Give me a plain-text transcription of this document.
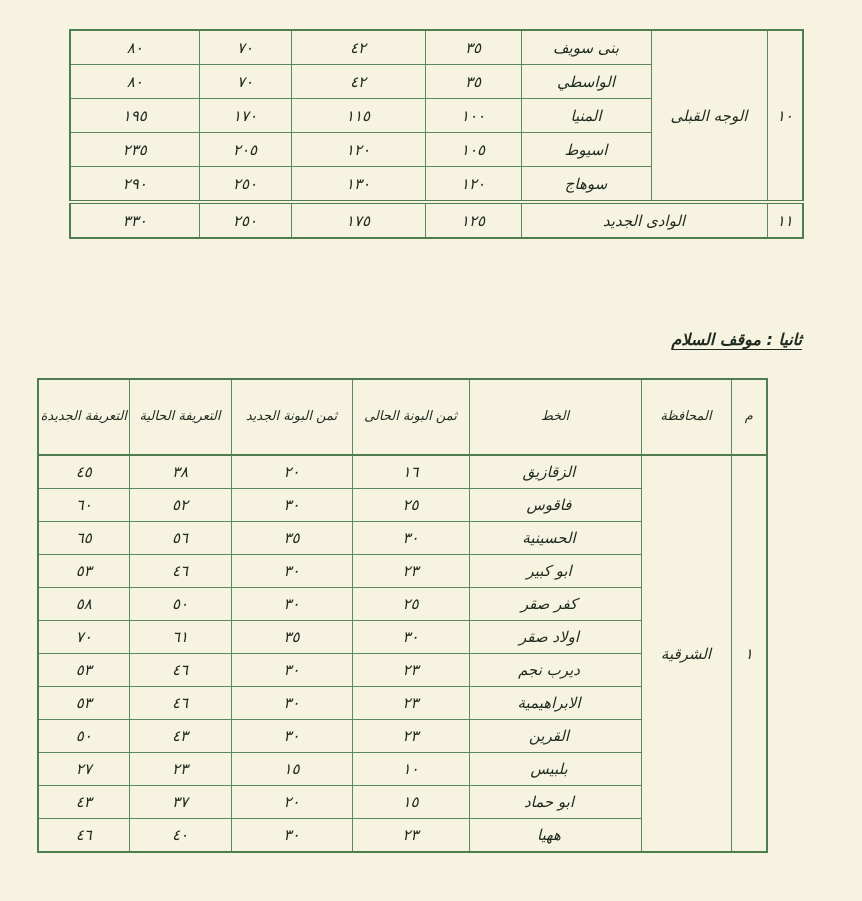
١٠	الوجه القبلى	بنى سويف	٣٥	٤٢	٧٠	٨٠
		الواسطي	٣٥	٤٢	٧٠	٨٠
		المنيا	١٠٠	١١٥	١٧٠	١٩٥
		اسيوط	١٠٥	١٢٠	٢٠٥	٢٣٥
		سوهاج	١٢٠	١٣٠	٢٥٠	٢٩٠
١١	الوادى الجديد		١٢٥	١٧٥	٢٥٠	٣٣٠
ثانيا : موقف السلام
م	المحافظة	الخط	ثمن البونة الحالى	ثمن البونة الجديد	التعريفة الحالية	التعريفة الجديدة
١	الشرقية	الزقازيق	١٦	٢٠	٣٨	٤٥
		فاقوس	٢٥	٣٠	٥٢	٦٠
		الحسينية	٣٠	٣٥	٥٦	٦٥
		ابو كبير	٢٣	٣٠	٤٦	٥٣
		كفر صقر	٢٥	٣٠	٥٠	٥٨
		اولاد صقر	٣٠	٣٥	٦١	٧٠
		ديرب نجم	٢٣	٣٠	٤٦	٥٣
		الابراهيمية	٢٣	٣٠	٤٦	٥٣
		القرين	٢٣	٣٠	٤٣	٥٠
		بلبيس	١٠	١٥	٢٣	٢٧
		ابو حماد	١٥	٢٠	٣٧	٤٣
		ههيا	٢٣	٣٠	٤٠	٤٦
